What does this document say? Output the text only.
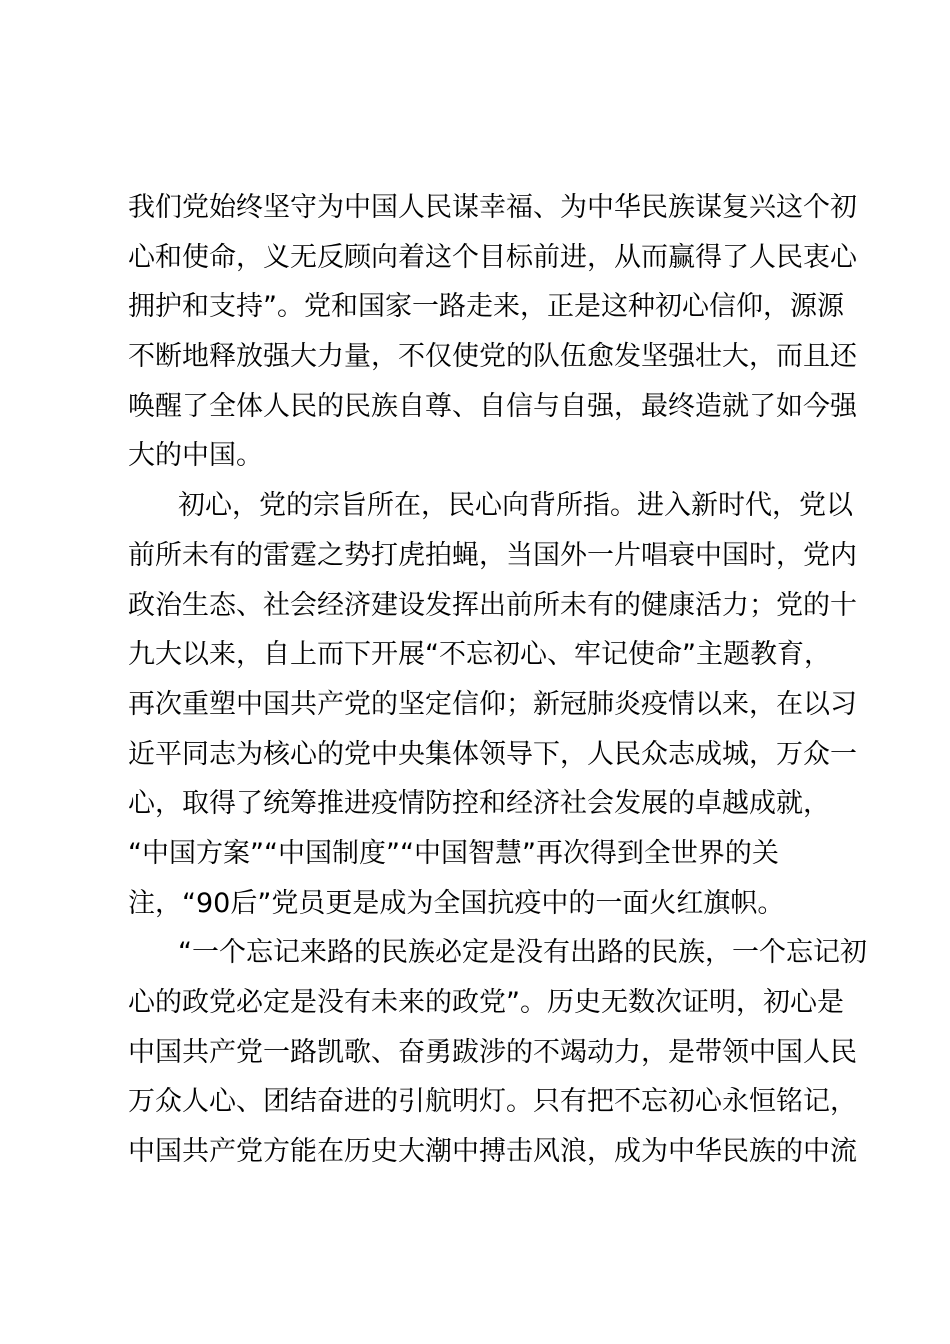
我们党始终坚守为中国人民谋幸福、为中华民族谋复兴这个初
心和使命，义无反顾向着这个目标前进，从而赢得了人民衷心
拥护和支持”。党和国家一路走来，正是这种初心信仰，源源
不断地释放强大力量，不仅使党的队伍愈发坚强壮大，而且还
唤醒了全体人民的民族自尊、自信与自强，最终造就了如今强
大的中国。
初心，党的宗旨所在，民心向背所指。进入新时代，党以
前所未有的雷霆之势打虎拍蝇，当国外一片唱衰中国时，党内
政治生态、社会经济建设发挥出前所未有的健康活力；党的十
九大以来，自上而下开展“不忘初心、牢记使命”主题教育，
再次重塑中国共产党的坚定信仰；新冠肺炎疫情以来，在以习
近平同志为核心的党中央集体领导下，人民众志成城，万众一
心，取得了统筹推进疫情防控和经济社会发展的卓越成就，
“中国方案”“中国制度”“中国智慧”再次得到全世界的关
注，“90后”党员更是成为全国抗疫中的一面火红旗帜。
“一个忘记来路的民族必定是没有出路的民族，一个忘记初
心的政党必定是没有未来的政党”。历史无数次证明，初心是
中国共产党一路凯歌、奋勇跋涉的不竭动力，是带领中国人民
万众人心、团结奋进的引航明灯。只有把不忘初心永恒铭记，
中国共产党方能在历史大潮中搏击风浪，成为中华民族的中流
